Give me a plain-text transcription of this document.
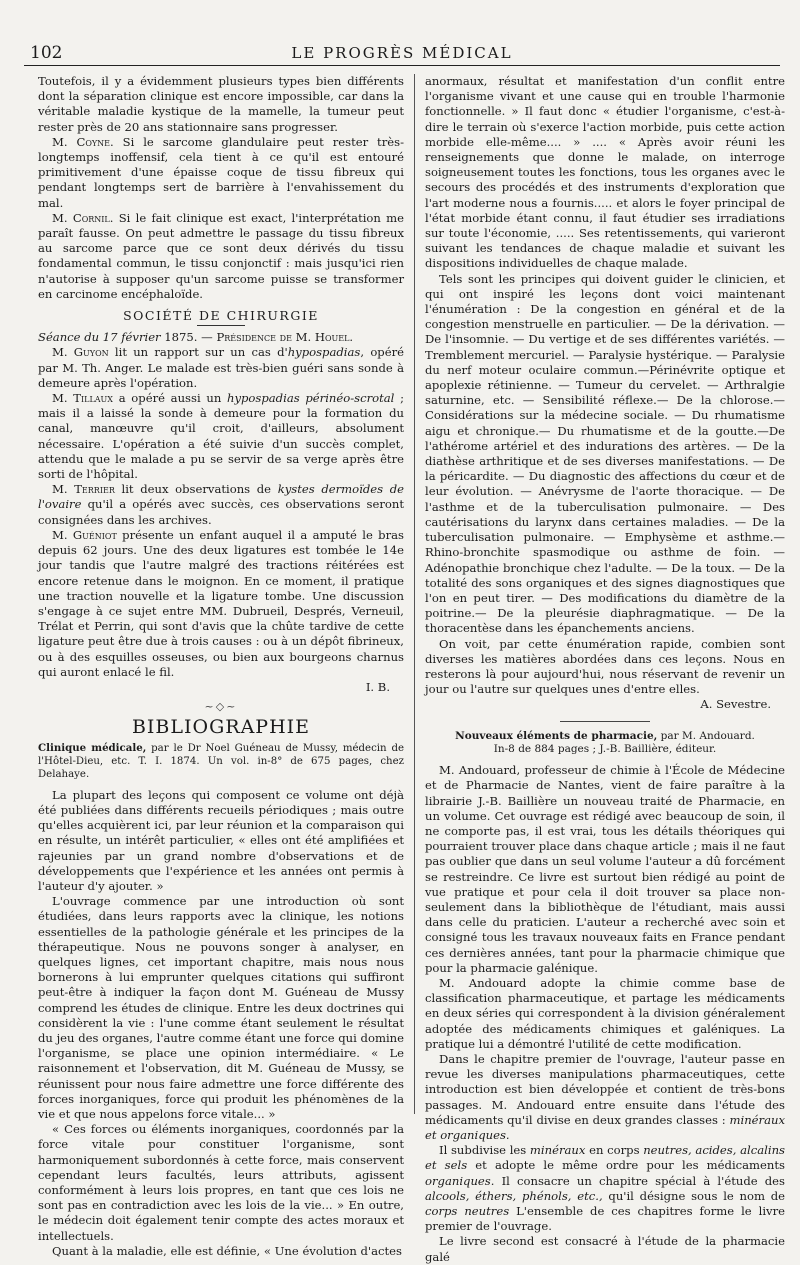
102	LE PROGRÈS MÉDICAL

Toutefois, il y a évidemment plusieurs types bien différents dont la séparation clinique est encore impossible, car dans la véritable maladie kystique de la mamelle, la tumeur peut rester près de 20 ans stationnaire sans progresser.

M. Coyne. Si le sarcome glandulaire peut rester très-longtemps inoffensif, cela tient à ce qu'il est entouré primitivement d'une épaisse coque de tissu fibreux qui pendant longtemps sert de barrière à l'envahissement du mal.

M. Cornil. Si le fait clinique est exact, l'interprétation me paraît fausse. On peut admettre le passage du tissu fibreux au sarcome parce que ce sont deux dérivés du tissu fondamental commun, le tissu conjonctif : mais jusqu'ici rien n'autorise à supposer qu'un sarcome puisse se transformer en carcinome encéphaloïde.

SOCIÉTÉ DE CHIRURGIE

Séance du 17 février 1875. — Présidence de M. Houel.

M. Guyon lit un rapport sur un cas d'hypospadias, opéré par M. Th. Anger. Le malade est très-bien guéri sans sonde à demeure après l'opération.

M. Tillaux a opéré aussi un hypospadias périnéo-scrotal ; mais il a laissé la sonde à demeure pour la formation du canal, manœuvre qu'il croit, d'ailleurs, absolument nécessaire. L'opération a été suivie d'un succès complet, attendu que le malade a pu se servir de sa verge après être sorti de l'hôpital.

M. Terrier lit deux observations de kystes dermoïdes de l'ovaire qu'il a opérés avec succès, ces observations seront consignées dans les archives.

M. Guéniot présente un enfant auquel il a amputé le bras depuis 62 jours. Une des deux ligatures est tombée le 14e jour tandis que l'autre malgré des tractions réitérées est encore retenue dans le moignon. En ce moment, il pratique une traction nouvelle et la ligature tombe. Une discussion s'engage à ce sujet entre MM. Dubrueil, Després, Verneuil, Trélat et Perrin, qui sont d'avis que la chûte tardive de cette ligature peut être due à trois causes : ou à un dépôt fibrineux, ou à des esquilles osseuses, ou bien aux bourgeons charnus qui auront enlacé le fil.

I. B.
~◇~
BIBLIOGRAPHIE

Clinique médicale, par le Dr Noel Guéneau de Mussy, médecin de l'Hôtel-Dieu, etc. T. I. 1874. Un vol. in-8° de 675 pages, chez Delahaye.

La plupart des leçons qui composent ce volume ont déjà été publiées dans différents recueils périodiques ; mais outre qu'elles acquièrent ici, par leur réunion et la comparaison qui en résulte, un intérêt particulier, « elles ont été amplifiées et rajeunies par un grand nombre d'observations et de développements que l'expérience et les années ont permis à l'auteur d'y ajouter. »

L'ouvrage commence par une introduction où sont étudiées, dans leurs rapports avec la clinique, les notions essentielles de la pathologie générale et les principes de la thérapeutique. Nous ne pouvons songer à analyser, en quelques lignes, cet important chapitre, mais nous nous bornerons à lui emprunter quelques citations qui suffiront peut-être à indiquer la façon dont M. Guéneau de Mussy comprend les études de clinique. Entre les deux doctrines qui considèrent la vie : l'une comme étant seulement le résultat du jeu des organes, l'autre comme étant une force qui domine l'organisme, se place une opinion intermédiaire. « Le raisonnement et l'observation, dit M. Guéneau de Mussy, se réunissent pour nous faire admettre une force différente des forces inorganiques, force qui produit les phénomènes de la vie et que nous appelons force vitale... »

« Ces forces ou éléments inorganiques, coordonnés par la force vitale pour constituer l'organisme, sont harmoniquement subordonnés à cette force, mais conservent cependant leurs facultés, leurs attributs, agissent conformément à leurs lois propres, en tant que ces lois ne sont pas en contradiction avec les lois de la vie... » En outre, le médecin doit également tenir compte des actes moraux et intellectuels.

Quant à la maladie, elle est définie, « Une évolution d'actes

anormaux, résultat et manifestation d'un conflit entre l'organisme vivant et une cause qui en trouble l'harmonie fonctionnelle. » Il faut donc « étudier l'organisme, c'est-à-dire le terrain où s'exerce l'action morbide, puis cette action morbide elle-même.... » .... « Après avoir réuni les renseignements que donne le malade, on interroge soigneusement toutes les fonctions, tous les organes avec le secours des procédés et des instruments d'exploration que l'art moderne nous a fournis..... et alors le foyer principal de l'état morbide étant connu, il faut étudier ses irradiations sur toute l'économie, ..... Ses retentissements, qui varieront suivant les tendances de chaque maladie et suivant les dispositions individuelles de chaque malade.

Tels sont les principes qui doivent guider le clinicien, et qui ont inspiré les leçons dont voici maintenant l'énumération : De la congestion en général et de la congestion menstruelle en particulier. — De la dérivation. — De l'insomnie. — Du vertige et de ses différentes variétés. — Tremblement mercuriel. — Paralysie hystérique. — Paralysie du nerf moteur oculaire commun.—Périnévrite optique et apoplexie rétinienne. — Tumeur du cervelet. — Arthralgie saturnine, etc. — Sensibilité réflexe.— De la chlorose.—Considérations sur la médecine sociale. — Du rhumatisme aigu et chronique.— Du rhumatisme et de la goutte.—De l'athérome artériel et des indurations des artères. — De la diathèse arthritique et de ses diverses manifestations. — De la péricardite. — Du diagnostic des affections du cœur et de leur évolution. — Anévrysme de l'aorte thoracique. — De l'asthme et de la tuberculisation pulmonaire. — Des cautérisations du larynx dans certaines maladies. — De la tuberculisation pulmonaire. — Emphysème et asthme.—Rhino-bronchite spasmodique ou asthme de foin. — Adénopathie bronchique chez l'adulte. — De la toux. — De la totalité des sons organiques et des signes diagnostiques que l'on en peut tirer. — Des modifications du diamètre de la poitrine.— De la pleurésie diaphragmatique. — De la thoracentèse dans les épanchements anciens.

On voit, par cette énumération rapide, combien sont diverses les matières abordées dans ces leçons. Nous en resterons là pour aujourd'hui, nous réservant de revenir un jour ou l'autre sur quelques unes d'entre elles.

A. Sevestre.

Nouveaux éléments de pharmacie, par M. Andouard.

In-8 de 884 pages ; J.-B. Baillière, éditeur.

M. Andouard, professeur de chimie à l'École de Médecine et de Pharmacie de Nantes, vient de faire paraître à la librairie J.-B. Baillière un nouveau traité de Pharmacie, en un volume. Cet ouvrage est rédigé avec beaucoup de soin, il ne comporte pas, il est vrai, tous les détails théoriques qui pourraient trouver place dans chaque article ; mais il ne faut pas oublier que dans un seul volume l'auteur a dû forcément se restreindre. Ce livre est surtout bien rédigé au point de vue pratique et pour cela il doit trouver sa place non-seulement dans la bibliothèque de l'étudiant, mais aussi dans celle du praticien. L'auteur a recherché avec soin et consigné tous les travaux nouveaux faits en France pendant ces dernières années, tant pour la pharmacie chimique que pour la pharmacie galénique.

M. Andouard adopte la chimie comme base de classification pharmaceutique, et partage les médicaments en deux séries qui correspondent à la division généralement adoptée des médicaments chimiques et galéniques. La pratique lui a démontré l'utilité de cette modification.

Dans le chapitre premier de l'ouvrage, l'auteur passe en revue les diverses manipulations pharmaceutiques, cette introduction est bien développée et contient de très-bons passages. M. Andouard entre ensuite dans l'étude des médicaments qu'il divise en deux grandes classes : minéraux et organiques.

Il subdivise les minéraux en corps neutres, acides, alcalins et sels et adopte le même ordre pour les médicaments organiques. Il consacre un chapitre spécial à l'étude des alcools, éthers, phénols, etc., qu'il désigne sous le nom de corps neutres L'ensemble de ces chapitres forme le livre premier de l'ouvrage.

Le livre second est consacré à l'étude de la pharmacie galé
